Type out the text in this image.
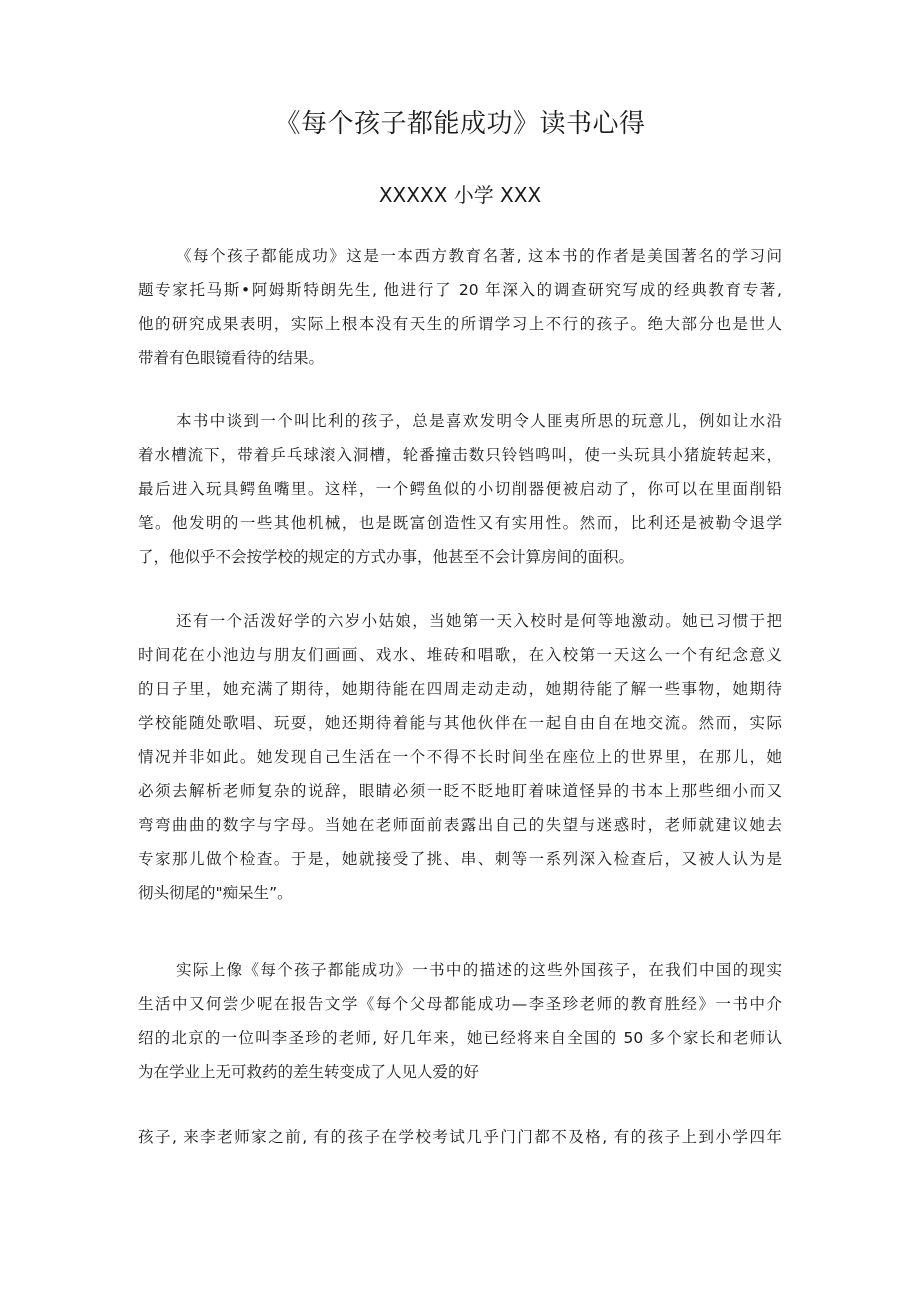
《每个孩子都能成功》读书心得
XXXXX 小学 XXX
《每个孩子都能成功》这是一本西方教育名著, 这本书的作者是美国著名的学习问
题专家托马斯•阿姆斯特朗先生, 他进行了 20 年深入的调查研究写成的经典教育专著,
他的研究成果表明，实际上根本没有天生的所谓学习上不行的孩子。绝大部分也是世人
带着有色眼镜看待的结果。
本书中谈到一个叫比利的孩子，总是喜欢发明令人匪夷所思的玩意儿，例如让水沿
着水槽流下，带着乒乓球滚入洞槽，轮番撞击数只铃铛鸣叫，使一头玩具小猪旋转起来，
最后进入玩具鳄鱼嘴里。这样，一个鳄鱼似的小切削器便被启动了，你可以在里面削铅
笔。他发明的一些其他机械，也是既富创造性又有实用性。然而，比利还是被勒令退学
了，他似乎不会按学校的规定的方式办事，他甚至不会计算房间的面积。
还有一个活泼好学的六岁小姑娘，当她第一天入校时是何等地激动。她已习惯于把
时间花在小池边与朋友们画画、戏水、堆砖和唱歌，在入校第一天这么一个有纪念意义
的日子里，她充满了期待，她期待能在四周走动走动，她期待能了解一些事物，她期待
学校能随处歌唱、玩耍，她还期待着能与其他伙伴在一起自由自在地交流。然而，实际
情况并非如此。她发现自己生活在一个不得不长时间坐在座位上的世界里，在那儿，她
必须去解析老师复杂的说辞，眼睛必须一眨不眨地盯着味道怪异的书本上那些细小而又
弯弯曲曲的数字与字母。当她在老师面前表露出自己的失望与迷惑时，老师就建议她去
专家那儿做个检查。于是，她就接受了挑、串、刺等一系列深入检查后，又被人认为是
彻头彻尾的"痴呆生”。
实际上像《每个孩子都能成功》一书中的描述的这些外国孩子，在我们中国的现实
生活中又何尝少呢在报告文学《每个父母都能成功—李圣珍老师的教育胜经》一书中介
绍的北京的一位叫李圣珍的老师, 好几年来，她已经将来自全国的 50 多个家长和老师认
为在学业上无可救药的差生转变成了人见人爱的好
孩子, 来李老师家之前, 有的孩子在学校考试几乎门门都不及格, 有的孩子上到小学四年
